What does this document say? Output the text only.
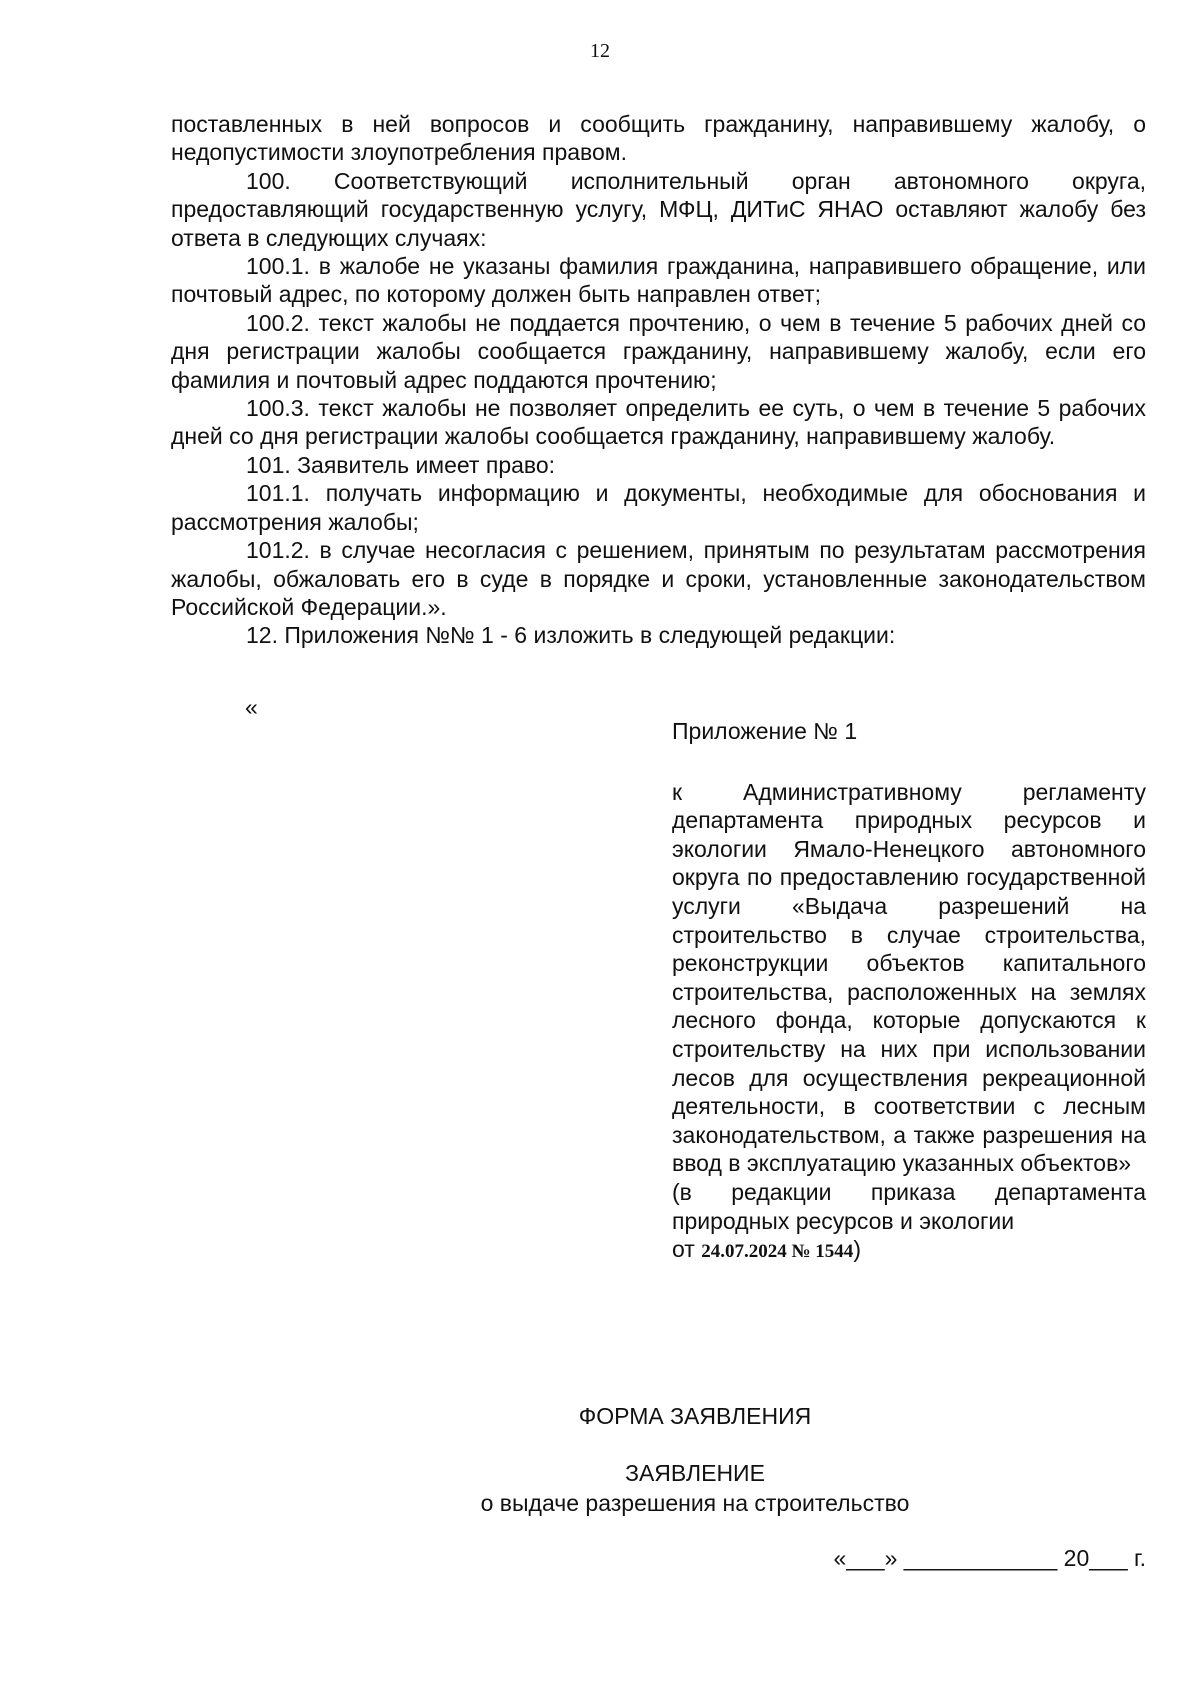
12

поставленных в ней вопросов и сообщить гражданину, направившему жалобу, о недопустимости злоупотребления правом.

100. Соответствующий исполнительный орган автономного округа, предоставляющий государственную услугу, МФЦ, ДИТиС ЯНАО оставляют жалобу без ответа в следующих случаях:

100.1. в жалобе не указаны фамилия гражданина, направившего обращение, или почтовый адрес, по которому должен быть направлен ответ;

100.2. текст жалобы не поддается прочтению, о чем в течение 5 рабочих дней со дня регистрации жалобы сообщается гражданину, направившему жалобу, если его фамилия и почтовый адрес поддаются прочтению;

100.3. текст жалобы не позволяет определить ее суть, о чем в течение 5 рабочих дней со дня регистрации жалобы сообщается гражданину, направившему жалобу.

101. Заявитель имеет право:

101.1. получать информацию и документы, необходимые для обоснования и рассмотрения жалобы;

101.2. в случае несогласия с решением, принятым по результатам рассмотрения жалобы, обжаловать его в суде в порядке и сроки, установленные законодательством Российской Федерации.».

12. Приложения №№ 1 - 6 изложить в следующей редакции:

«

Приложение № 1

к Административному регламенту департамента природных ресурсов и экологии Ямало-Ненецкого автономного округа по предоставлению государственной услуги «Выдача разрешений на строительство в случае строительства, реконструкции объектов капитального строительства, расположенных на землях лесного фонда, которые допускаются к строительству на них при использовании лесов для осуществления рекреационной деятельности, в соответствии с лесным законодательством, а также разрешения на ввод в эксплуатацию указанных объектов»

(в редакции приказа департамента природных ресурсов и экологии

от 24.07.2024 № 1544)

ФОРМА ЗАЯВЛЕНИЯ
ЗАЯВЛЕНИЕ
о выдаче разрешения на строительство
«___» ____________ 20___ г.
